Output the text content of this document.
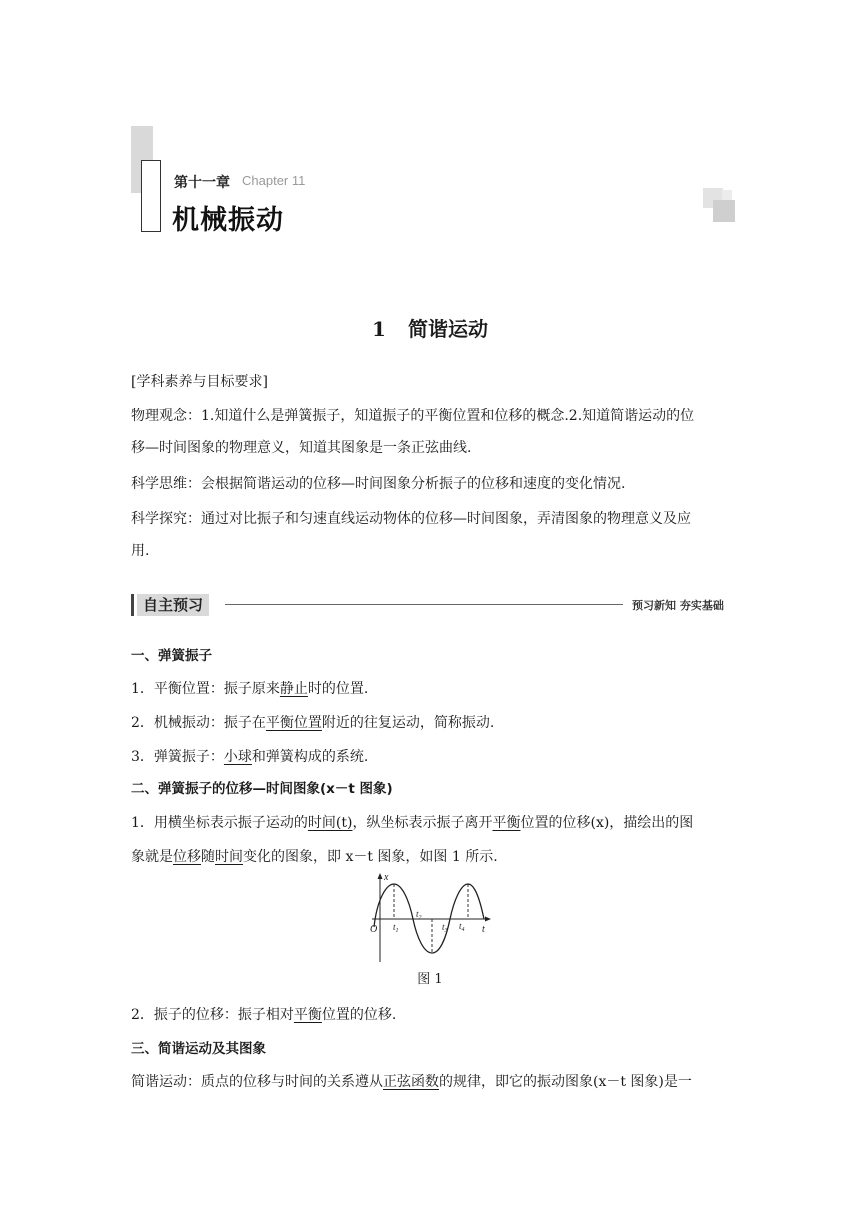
第十一章 Chapter 11
机械振动
1 简谐运动
[学科素养与目标要求]
物理观念：1.知道什么是弹簧振子，知道振子的平衡位置和位移的概念.2.知道简谐运动的位
移—时间图象的物理意义，知道其图象是一条正弦曲线.
科学思维：会根据简谐运动的位移—时间图象分析振子的位移和速度的变化情况.
科学探究：通过对比振子和匀速直线运动物体的位移—时间图象，弄清图象的物理意义及应
用.
自主预习	预习新知 夯实基础
一、弹簧振子
1．平衡位置：振子原来静止时的位置.
2．机械振动：振子在平衡位置附近的往复运动，简称振动.
3．弹簧振子：小球和弹簧构成的系统.
二、弹簧振子的位移—时间图象(x－t 图象)
1．用横坐标表示振子运动的时间(t)，纵坐标表示振子离开平衡位置的位移(x)，描绘出的图
象就是位移随时间变化的图象，即 x－t 图象，如图 1 所示.
x
O	t
$t_1$
$t_2$
$t_3$ $t_4$
图 1
2．振子的位移：振子相对平衡位置的位移.
三、简谐运动及其图象
简谐运动：质点的位移与时间的关系遵从正弦函数的规律，即它的振动图象(x－t 图象)是一
